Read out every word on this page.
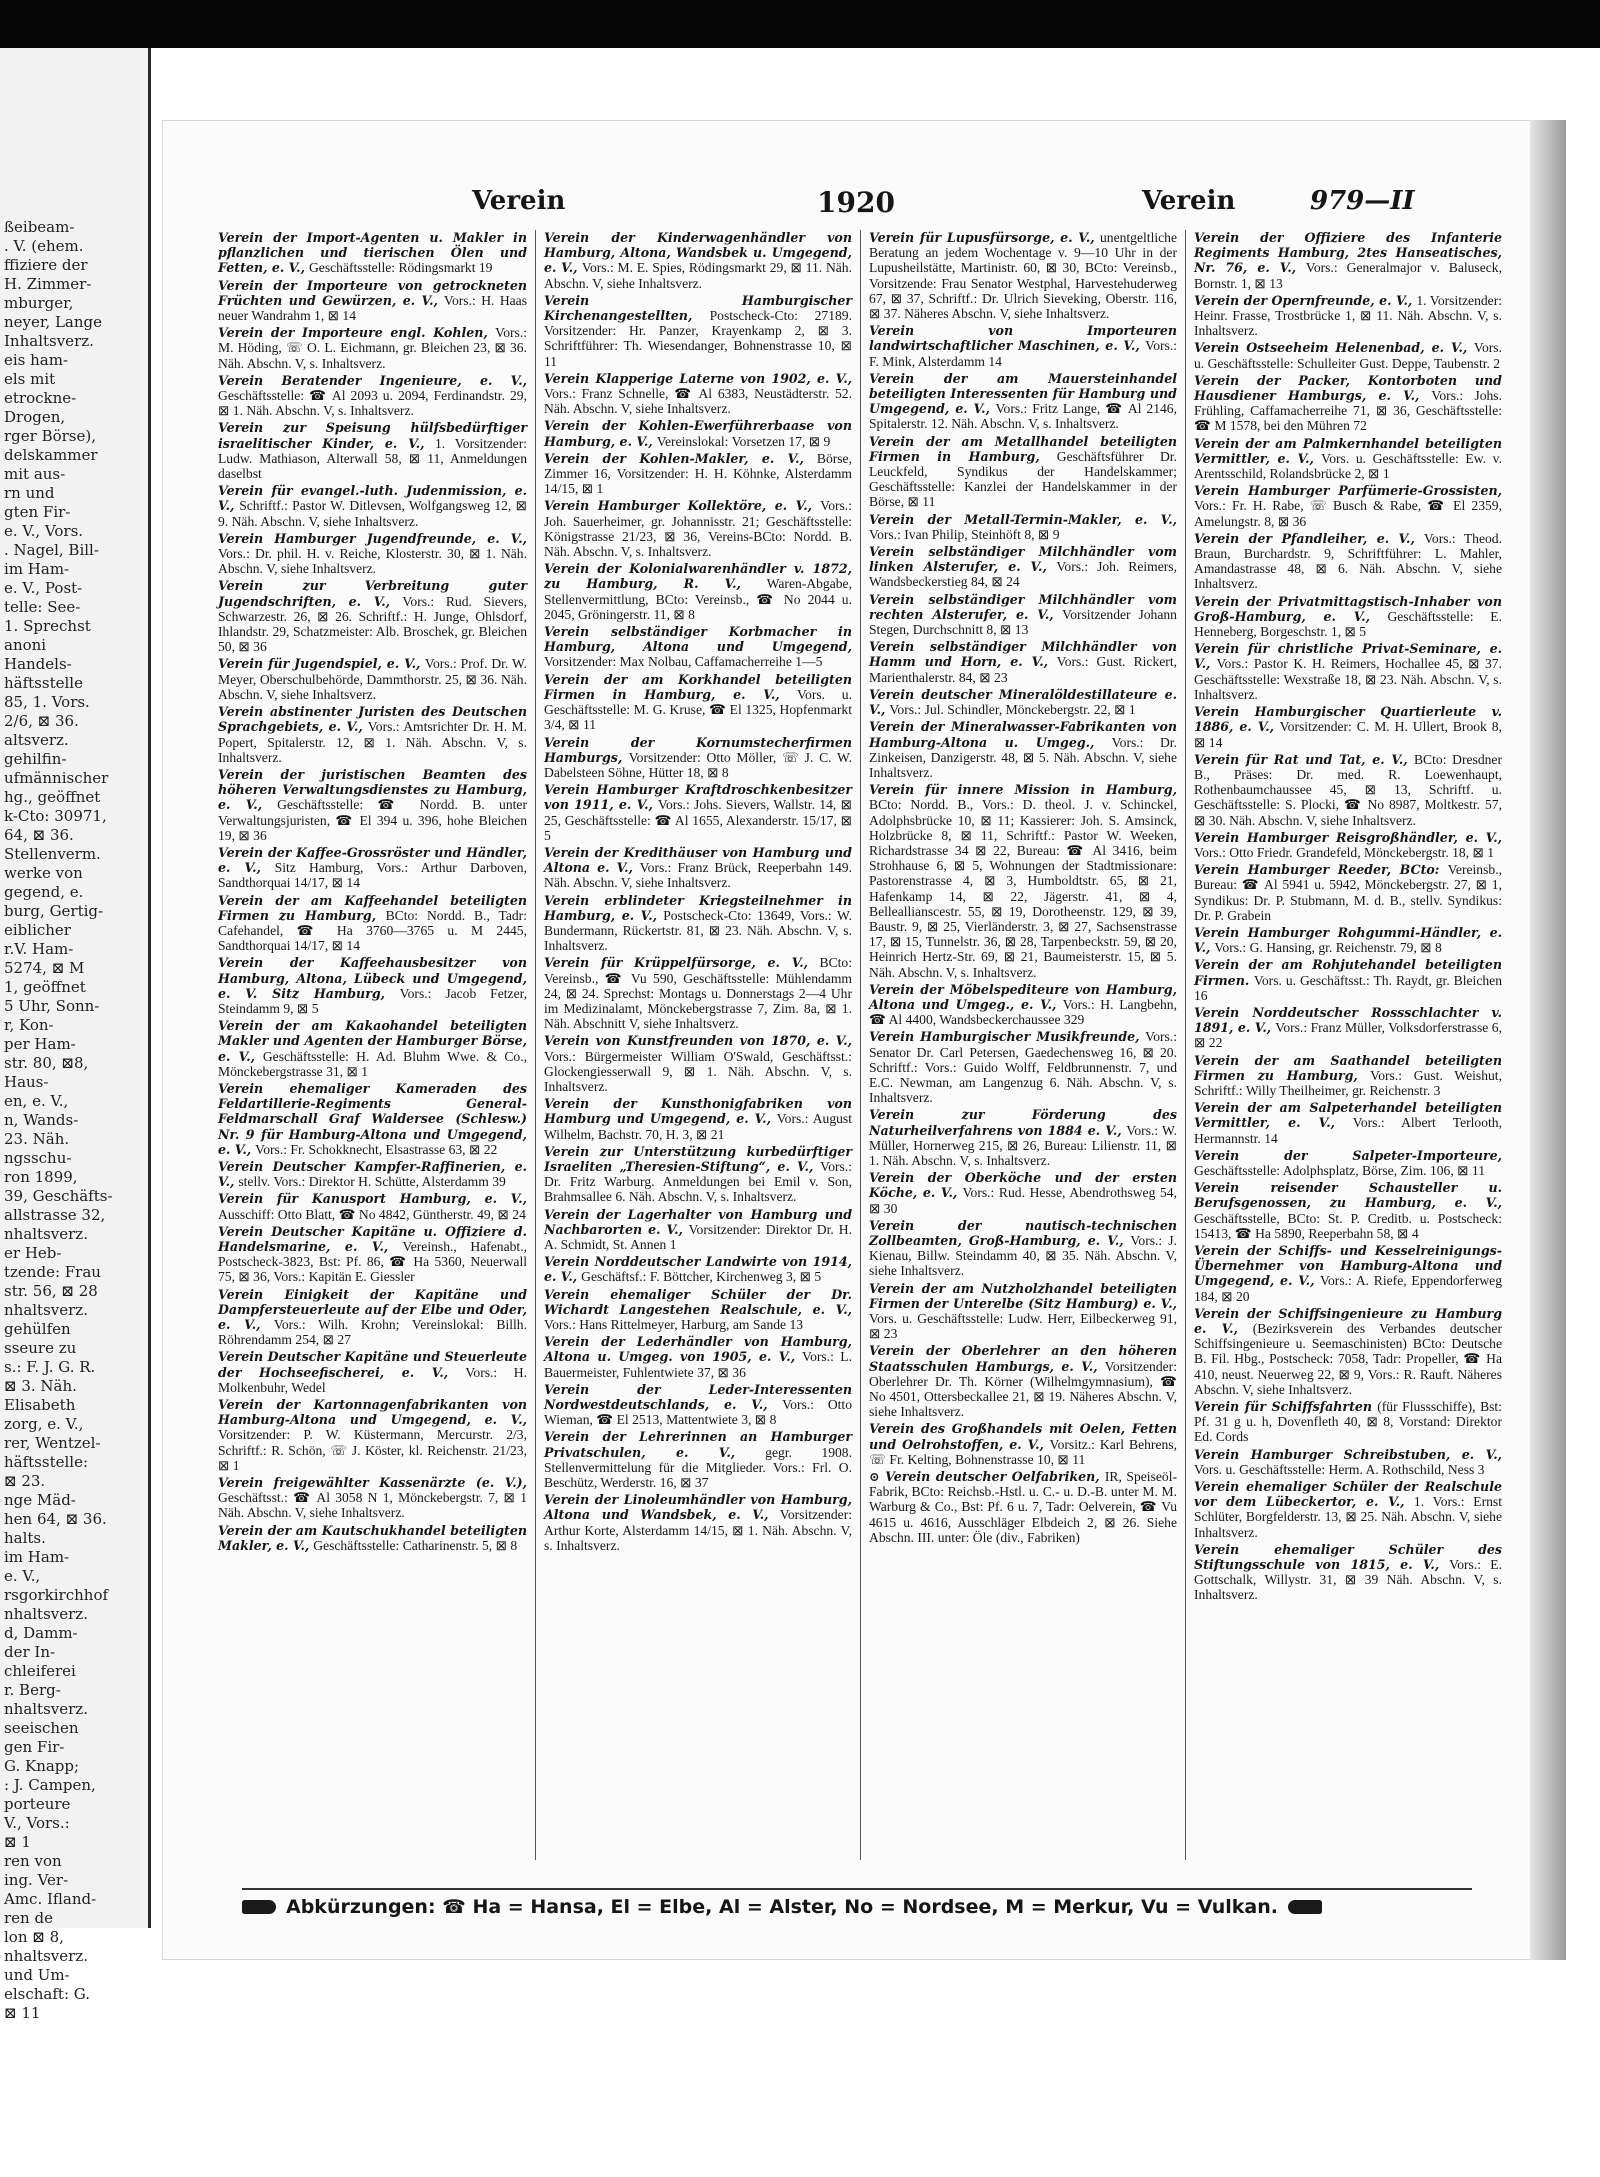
ßeibeam-
. V. (ehem.
ffiziere der
H. Zimmer-
mburger,
neyer, Lange
Inhaltsverz.
eis ham-
els mit
etrockne-
Drogen,
rger Börse),
delskammer
mit aus-
rn und
gten Fir-
e. V., Vors.
. Nagel, Bill-
im Ham-
e. V., Post-
telle: See-
1. Sprechst
anoni
Handels-
häftsstelle
85, 1. Vors.
2/6, ⊠ 36.
altsverz.
gehilfin-
ufmännischer
hg., geöffnet
k-Cto: 30971,
64, ⊠ 36.
Stellenverm.
werke von
gegend, e.
burg, Gertig-
eiblicher
r.V. Ham-
5274, ⊠ M
1, geöffnet
5 Uhr, Sonn-
r, Kon-
per Ham-
str. 80, ⊠8,
Haus-
en, e. V.,
n, Wands-
23. Näh.
ngsschu-
ron 1899,
39, Geschäfts-
allstrasse 32,
nhaltsverz.
er Heb-
tzende: Frau
str. 56, ⊠ 28
nhaltsverz.
gehülfen
sseure zu
s.: F. J. G. R.
⊠ 3. Näh.
Elisabeth
zorg, e. V.,
rer, Wentzel-
häftsstelle:
⊠ 23.
nge Mäd-
hen 64, ⊠ 36.
halts.
im Ham-
e. V.,
rsgorkirchhof
nhaltsverz.
d, Damm-
der In-
chleiferei
r. Berg-
nhaltsverz.
seeischen
gen Fir-
G. Knapp;
: J. Campen,
porteure
V., Vors.:
⊠ 1
ren von
ing. Ver-
Amc. Ifland-
ren de
lon ⊠ 8,
nhaltsverz.
und Um-
elschaft: G.
⊠ 11
Verein	1920	Verein	979—II

Verein der Import-Agenten u. Makler in pflanzlichen und tierischen Ölen und Fetten, e. V., Geschäftsstelle: Rödingsmarkt 19

Verein der Importeure von getrockneten Früchten und Gewürzen, e. V., Vors.: H. Haas neuer Wandrahm 1, ⊠ 14

Verein der Importeure engl. Kohlen, Vors.: M. Höding, ☏ O. L. Eichmann, gr. Bleichen 23, ⊠ 36. Näh. Abschn. V, s. Inhaltsverz.

Verein Beratender Ingenieure, e. V., Geschäftsstelle: ☎ Al 2093 u. 2094, Ferdinandstr. 29, ⊠ 1. Näh. Abschn. V, s. Inhaltsverz.

Verein zur Speisung hülfsbedürftiger israelitischer Kinder, e. V., 1. Vorsitzender: Ludw. Mathiason, Alterwall 58, ⊠ 11, Anmeldungen daselbst

Verein für evangel.-luth. Judenmission, e. V., Schriftf.: Pastor W. Ditlevsen, Wolfgangsweg 12, ⊠ 9. Näh. Abschn. V, siehe Inhaltsverz.

Verein Hamburger Jugendfreunde, e. V., Vors.: Dr. phil. H. v. Reiche, Klosterstr. 30, ⊠ 1. Näh. Abschn. V, siehe Inhaltsverz.

Verein zur Verbreitung guter Jugendschriften, e. V., Vors.: Rud. Sievers, Schwarzestr. 26, ⊠ 26. Schriftf.: H. Junge, Ohlsdorf, Ihlandstr. 29, Schatzmeister: Alb. Broschek, gr. Bleichen 50, ⊠ 36

Verein für Jugendspiel, e. V., Vors.: Prof. Dr. W. Meyer, Oberschulbehörde, Dammthorstr. 25, ⊠ 36. Näh. Abschn. V, siehe Inhaltsverz.

Verein abstinenter Juristen des Deutschen Sprachgebiets, e. V., Vors.: Amtsrichter Dr. H. M. Popert, Spitalerstr. 12, ⊠ 1. Näh. Abschn. V, s. Inhaltsverz.

Verein der juristischen Beamten des höheren Verwaltungsdienstes zu Hamburg, e. V., Geschäftsstelle: ☎ Nordd. B. unter Verwaltungsjuristen, ☎ El 394 u. 396, hohe Bleichen 19, ⊠ 36

Verein der Kaffee-Grossröster und Händler, e. V., Sitz Hamburg, Vors.: Arthur Darboven, Sandthorquai 14/17, ⊠ 14

Verein der am Kaffeehandel beteiligten Firmen zu Hamburg, BCto: Nordd. B., Tadr: Cafehandel, ☎ Ha 3760—3765 u. M 2445, Sandthorquai 14/17, ⊠ 14

Verein der Kaffeehausbesitzer von Hamburg, Altona, Lübeck und Umgegend, e. V. Sitz Hamburg, Vors.: Jacob Fetzer, Steindamm 9, ⊠ 5

Verein der am Kakaohandel beteiligten Makler und Agenten der Hamburger Börse, e. V., Geschäftsstelle: H. Ad. Bluhm Wwe. & Co., Mönckebergstrasse 31, ⊠ 1

Verein ehemaliger Kameraden des Feldartillerie-Regiments General-Feldmarschall Graf Waldersee (Schlesw.) Nr. 9 für Hamburg-Altona und Umgegend, e. V., Vors.: Fr. Schokknecht, Elsastrasse 63, ⊠ 22

Verein Deutscher Kampfer-Raffinerien, e. V., stellv. Vors.: Direktor H. Schütte, Alsterdamm 39

Verein für Kanusport Hamburg, e. V., Ausschiff: Otto Blatt, ☎ No 4842, Güntherstr. 49, ⊠ 24

Verein Deutscher Kapitäne u. Offiziere d. Handelsmarine, e. V., Vereinsh., Hafenabt., Postscheck-3823, Bst: Pf. 86, ☎ Ha 5360, Neuerwall 75, ⊠ 36, Vors.: Kapitän E. Giessler

Verein Einigkeit der Kapitäne und Dampfersteuerleute auf der Elbe und Oder, e. V., Vors.: Wilh. Krohn; Vereinslokal: Billh. Röhrendamm 254, ⊠ 27

Verein Deutscher Kapitäne und Steuerleute der Hochseefischerei, e. V., Vors.: H. Molkenbuhr, Wedel

Verein der Kartonnagenfabrikanten von Hamburg-Altona und Umgegend, e. V., Vorsitzender: P. W. Küstermann, Mercurstr. 2/3, Schriftf.: R. Schön, ☏ J. Köster, kl. Reichenstr. 21/23, ⊠ 1

Verein freigewählter Kassenärzte (e. V.), Geschäftsst.: ☎ Al 3058 N 1, Mönckebergstr. 7, ⊠ 1 Näh. Abschn. V, siehe Inhaltsverz.

Verein der am Kautschukhandel beteiligten Makler, e. V., Geschäftsstelle: Catharinenstr. 5, ⊠ 8

Verein der Kinderwagenhändler von Hamburg, Altona, Wandsbek u. Umgegend, e. V., Vors.: M. E. Spies, Rödingsmarkt 29, ⊠ 11. Näh. Abschn. V, siehe Inhaltsverz.

Verein Hamburgischer Kirchenangestellten, Postscheck-Cto: 27189. Vorsitzender: Hr. Panzer, Krayenkamp 2, ⊠ 3. Schriftführer: Th. Wiesendanger, Bohnenstrasse 10, ⊠ 11

Verein Klapperige Laterne von 1902, e. V., Vors.: Franz Schnelle, ☎ Al 6383, Neustädterstr. 52. Näh. Abschn. V, siehe Inhaltsverz.

Verein der Kohlen-Ewerführerbaase von Hamburg, e. V., Vereinslokal: Vorsetzen 17, ⊠ 9

Verein der Kohlen-Makler, e. V., Börse, Zimmer 16, Vorsitzender: H. H. Köhnke, Alsterdamm 14/15, ⊠ 1

Verein Hamburger Kollektöre, e. V., Vors.: Joh. Sauerheimer, gr. Johannisstr. 21; Geschäftsstelle: Königstrasse 21/23, ⊠ 36, Vereins-BCto: Nordd. B. Näh. Abschn. V, s. Inhaltsverz.

Verein der Kolonialwarenhändler v. 1872, zu Hamburg, R. V., Waren-Abgabe, Stellenvermittlung, BCto: Vereinsb., ☎ No 2044 u. 2045, Gröningerstr. 11, ⊠ 8

Verein selbständiger Korbmacher in Hamburg, Altona und Umgegend, Vorsitzender: Max Nolbau, Caffamacherreihe 1—5

Verein der am Korkhandel beteiligten Firmen in Hamburg, e. V., Vors. u. Geschäftsstelle: M. G. Kruse, ☎ El 1325, Hopfenmarkt 3/4, ⊠ 11

Verein der Kornumstecherfirmen Hamburgs, Vorsitzender: Otto Möller, ☏ J. C. W. Dabelsteen Söhne, Hütter 18, ⊠ 8

Verein Hamburger Kraftdroschkenbesitzer von 1911, e. V., Vors.: Johs. Sievers, Wallstr. 14, ⊠ 25, Geschäftsstelle: ☎ Al 1655, Alexanderstr. 15/17, ⊠ 5

Verein der Kredithäuser von Hamburg und Altona e. V., Vors.: Franz Brück, Reeperbahn 149. Näh. Abschn. V, siehe Inhaltsverz.

Verein erblindeter Kriegsteilnehmer in Hamburg, e. V., Postscheck-Cto: 13649, Vors.: W. Bundermann, Rückertstr. 81, ⊠ 23. Näh. Abschn. V, s. Inhaltsverz.

Verein für Krüppelfürsorge, e. V., BCto: Vereinsb., ☎ Vu 590, Geschäftsstelle: Mühlendamm 24, ⊠ 24. Sprechst: Montags u. Donnerstags 2—4 Uhr im Medizinalamt, Mönckebergstrasse 7, Zim. 8a, ⊠ 1. Näh. Abschnitt V, siehe Inhaltsverz.

Verein von Kunstfreunden von 1870, e. V., Vors.: Bürgermeister William O'Swald, Geschäftsst.: Glockengiesserwall 9, ⊠ 1. Näh. Abschn. V, s. Inhaltsverz.

Verein der Kunsthonigfabriken von Hamburg und Umgegend, e. V., Vors.: August Wilhelm, Bachstr. 70, H. 3, ⊠ 21

Verein zur Unterstützung kurbedürftiger Israeliten „Theresien-Stiftung“, e. V., Vors.: Dr. Fritz Warburg. Anmeldungen bei Emil v. Son, Brahmsallee 6. Näh. Abschn. V, s. Inhaltsverz.

Verein der Lagerhalter von Hamburg und Nachbarorten e. V., Vorsitzender: Direktor Dr. H. A. Schmidt, St. Annen 1

Verein Norddeutscher Landwirte von 1914, e. V., Geschäftsf.: F. Böttcher, Kirchenweg 3, ⊠ 5

Verein ehemaliger Schüler der Dr. Wichardt Langestehen Realschule, e. V., Vors.: Hans Rittelmeyer, Harburg, am Sande 13

Verein der Lederhändler von Hamburg, Altona u. Umgeg. von 1905, e. V., Vors.: L. Bauermeister, Fuhlentwiete 37, ⊠ 36

Verein der Leder-Interessenten Nordwestdeutschlands, e. V., Vors.: Otto Wieman, ☎ El 2513, Mattentwiete 3, ⊠ 8

Verein der Lehrerinnen an Hamburger Privatschulen, e. V., gegr. 1908. Stellenvermittelung für die Mitglieder. Vors.: Frl. O. Beschütz, Werderstr. 16, ⊠ 37

Verein der Linoleumhändler von Hamburg, Altona und Wandsbek, e. V., Vorsitzender: Arthur Korte, Alsterdamm 14/15, ⊠ 1. Näh. Abschn. V, s. Inhaltsverz.

Verein für Lupusfürsorge, e. V., unentgeltliche Beratung an jedem Wochentage v. 9—10 Uhr in der Lupusheilstätte, Martinistr. 60, ⊠ 30, BCto: Vereinsb., Vorsitzende: Frau Senator Westphal, Harvestehuderweg 67, ⊠ 37, Schriftf.: Dr. Ulrich Sieveking, Oberstr. 116, ⊠ 37. Näheres Abschn. V, siehe Inhaltsverz.

Verein von Importeuren landwirtschaftlicher Maschinen, e. V., Vors.: F. Mink, Alsterdamm 14

Verein der am Mauersteinhandel beteiligten Interessenten für Hamburg und Umgegend, e. V., Vors.: Fritz Lange, ☎ Al 2146, Spitalerstr. 12. Näh. Abschn. V, s. Inhaltsverz.

Verein der am Metallhandel beteiligten Firmen in Hamburg, Geschäftsführer Dr. Leuckfeld, Syndikus der Handelskammer; Geschäftsstelle: Kanzlei der Handelskammer in der Börse, ⊠ 11

Verein der Metall-Termin-Makler, e. V., Vors.: Ivan Philip, Steinhöft 8, ⊠ 9

Verein selbständiger Milchhändler vom linken Alsterufer, e. V., Vors.: Joh. Reimers, Wandsbeckerstieg 84, ⊠ 24

Verein selbständiger Milchhändler vom rechten Alsterufer, e. V., Vorsitzender Johann Stegen, Durchschnitt 8, ⊠ 13

Verein selbständiger Milchhändler von Hamm und Horn, e. V., Vors.: Gust. Rickert, Marienthalerstr. 84, ⊠ 23

Verein deutscher Mineralöldestillateure e. V., Vors.: Jul. Schindler, Mönckebergstr. 22, ⊠ 1

Verein der Mineralwasser-Fabrikanten von Hamburg-Altona u. Umgeg., Vors.: Dr. Zinkeisen, Danzigerstr. 48, ⊠ 5. Näh. Abschn. V, siehe Inhaltsverz.

Verein für innere Mission in Hamburg, BCto: Nordd. B., Vors.: D. theol. J. v. Schinckel, Adolphsbrücke 10, ⊠ 11; Kassierer: Joh. S. Amsinck, Holzbrücke 8, ⊠ 11, Schriftf.: Pastor W. Weeken, Richardstrasse 34 ⊠ 22, Bureau: ☎ Al 3416, beim Strohhause 6, ⊠ 5, Wohnungen der Stadtmissionare: Pastorenstrasse 4, ⊠ 3, Humboldtstr. 65, ⊠ 21, Hafenkamp 14, ⊠ 22, Jägerstr. 41, ⊠ 4, Belleallianscestr. 55, ⊠ 19, Dorotheenstr. 129, ⊠ 39, Baustr. 9, ⊠ 25, Vierländerstr. 3, ⊠ 27, Sachsenstrasse 17, ⊠ 15, Tunnelstr. 36, ⊠ 28, Tarpenbeckstr. 59, ⊠ 20, Heinrich Hertz-Str. 69, ⊠ 21, Baumeisterstr. 15, ⊠ 5. Näh. Abschn. V, s. Inhaltsverz.

Verein der Möbelspediteure von Hamburg, Altona und Umgeg., e. V., Vors.: H. Langbehn, ☎ Al 4400, Wandsbeckerchaussee 329

Verein Hamburgischer Musikfreunde, Vors.: Senator Dr. Carl Petersen, Gaedechensweg 16, ⊠ 20. Schriftf.: Vors.: Guido Wolff, Feldbrunnenstr. 7, und E.C. Newman, am Langenzug 6. Näh. Abschn. V, s. Inhaltsverz.

Verein zur Förderung des Naturheilverfahrens von 1884 e. V., Vors.: W. Müller, Hornerweg 215, ⊠ 26, Bureau: Lilienstr. 11, ⊠ 1. Näh. Abschn. V, s. Inhaltsverz.

Verein der Oberköche und der ersten Köche, e. V., Vors.: Rud. Hesse, Abendrothsweg 54, ⊠ 30

Verein der nautisch-technischen Zollbeamten, Groß-Hamburg, e. V., Vors.: J. Kienau, Billw. Steindamm 40, ⊠ 35. Näh. Abschn. V, siehe Inhaltsverz.

Verein der am Nutzholzhandel beteiligten Firmen der Unterelbe (Sitz Hamburg) e. V., Vors. u. Geschäftsstelle: Ludw. Herr, Eilbeckerweg 91, ⊠ 23

Verein der Oberlehrer an den höheren Staatsschulen Hamburgs, e. V., Vorsitzender: Oberlehrer Dr. Th. Körner (Wilhelmgymnasium), ☎ No 4501, Ottersbeckallee 21, ⊠ 19. Näheres Abschn. V, siehe Inhaltsverz.

Verein des Großhandels mit Oelen, Fetten und Oelrohstoffen, e. V., Vorsitz.: Karl Behrens, ☏ Fr. Kelting, Bohnenstrasse 10, ⊠ 11

⊙ Verein deutscher Oelfabriken, IR, Speiseöl-Fabrik, BCto: Reichsb.-Hstl. u. C.- u. D.-B. unter M. M. Warburg & Co., Bst: Pf. 6 u. 7, Tadr: Oelverein, ☎ Vu 4615 u. 4616, Ausschläger Elbdeich 2, ⊠ 26. Siehe Abschn. III. unter: Öle (div., Fabriken)

Verein der Offiziere des Infanterie Regiments Hamburg, 2tes Hanseatisches, Nr. 76, e. V., Vors.: Generalmajor v. Baluseck, Bornstr. 1, ⊠ 13

Verein der Opernfreunde, e. V., 1. Vorsitzender: Heinr. Frasse, Trostbrücke 1, ⊠ 11. Näh. Abschn. V, s. Inhaltsverz.

Verein Ostseeheim Helenenbad, e. V., Vors. u. Geschäftsstelle: Schulleiter Gust. Deppe, Taubenstr. 2

Verein der Packer, Kontorboten und Hausdiener Hamburgs, e. V., Vors.: Johs. Frühling, Caffamacherreihe 71, ⊠ 36, Geschäftsstelle: ☎ M 1578, bei den Mühren 72

Verein der am Palmkernhandel beteiligten Vermittler, e. V., Vors. u. Geschäftsstelle: Ew. v. Arentsschild, Rolandsbrücke 2, ⊠ 1

Verein Hamburger Parfümerie-Grossisten, Vors.: Fr. H. Rabe, ☏ Busch & Rabe, ☎ El 2359, Amelungstr. 8, ⊠ 36

Verein der Pfandleiher, e. V., Vors.: Theod. Braun, Burchardstr. 9, Schriftführer: L. Mahler, Amandastrasse 48, ⊠ 6. Näh. Abschn. V, siehe Inhaltsverz.

Verein der Privatmittagstisch-Inhaber von Groß-Hamburg, e. V., Geschäftsstelle: E. Henneberg, Borgeschstr. 1, ⊠ 5

Verein für christliche Privat-Seminare, e. V., Vors.: Pastor K. H. Reimers, Hochallee 45, ⊠ 37. Geschäftsstelle: Wexstraße 18, ⊠ 23. Näh. Abschn. V, s. Inhaltsverz.

Verein Hamburgischer Quartierleute v. 1886, e. V., Vorsitzender: C. M. H. Ullert, Brook 8, ⊠ 14

Verein für Rat und Tat, e. V., BCto: Dresdner B., Präses: Dr. med. R. Loewenhaupt, Rothenbaumchaussee 45, ⊠ 13, Schriftf. u. Geschäftsstelle: S. Plocki, ☎ No 8987, Moltkestr. 57, ⊠ 30. Näh. Abschn. V, siehe Inhaltsverz.

Verein Hamburger Reisgroßhändler, e. V., Vors.: Otto Friedr. Grandefeld, Mönckebergstr. 18, ⊠ 1

Verein Hamburger Reeder, BCto: Vereinsb., Bureau: ☎ Al 5941 u. 5942, Mönckebergstr. 27, ⊠ 1, Syndikus: Dr. P. Stubmann, M. d. B., stellv. Syndikus: Dr. P. Grabein

Verein Hamburger Rohgummi-Händler, e. V., Vors.: G. Hansing, gr. Reichenstr. 79, ⊠ 8

Verein der am Rohjutehandel beteiligten Firmen. Vors. u. Geschäftsst.: Th. Raydt, gr. Bleichen 16

Verein Norddeutscher Rossschlachter v. 1891, e. V., Vors.: Franz Müller, Volksdorferstrasse 6, ⊠ 22

Verein der am Saathandel beteiligten Firmen zu Hamburg, Vors.: Gust. Weishut, Schriftf.: Willy Theilheimer, gr. Reichenstr. 3

Verein der am Salpeterhandel beteiligten Vermittler, e. V., Vors.: Albert Terlooth, Hermannstr. 14

Verein der Salpeter-Importeure, Geschäftsstelle: Adolphsplatz, Börse, Zim. 106, ⊠ 11

Verein reisender Schausteller u. Berufsgenossen, zu Hamburg, e. V., Geschäftsstelle, BCto: St. P. Creditb. u. Postscheck: 15413, ☎ Ha 5890, Reeperbahn 58, ⊠ 4

Verein der Schiffs- und Kesselreinigungs-Übernehmer von Hamburg-Altona und Umgegend, e. V., Vors.: A. Riefe, Eppendorferweg 184, ⊠ 20

Verein der Schiffsingenieure zu Hamburg e. V., (Bezirksverein des Verbandes deutscher Schiffsingenieure u. Seemaschinisten) BCto: Deutsche B. Fil. Hbg., Postscheck: 7058, Tadr: Propeller, ☎ Ha 410, neust. Neuerweg 22, ⊠ 9, Vors.: R. Rauft. Näheres Abschn. V, siehe Inhaltsverz.

Verein für Schiffsfahrten (für Flussschiffe), Bst: Pf. 31 g u. h, Dovenfleth 40, ⊠ 8, Vorstand: Direktor Ed. Cords

Verein Hamburger Schreibstuben, e. V., Vors. u. Geschäftsstelle: Herm. A. Rothschild, Ness 3

Verein ehemaliger Schüler der Realschule vor dem Lübeckertor, e. V., 1. Vors.: Ernst Schlüter, Borgfelderstr. 13, ⊠ 25. Näh. Abschn. V, siehe Inhaltsverz.

Verein ehemaliger Schüler des Stiftungsschule von 1815, e. V., Vors.: E. Gottschalk, Willystr. 31, ⊠ 39 Näh. Abschn. V, s. Inhaltsverz.

Abkürzungen: ☎ Ha = Hansa, El = Elbe, Al = Alster, No = Nordsee, M = Merkur, Vu = Vulkan.
